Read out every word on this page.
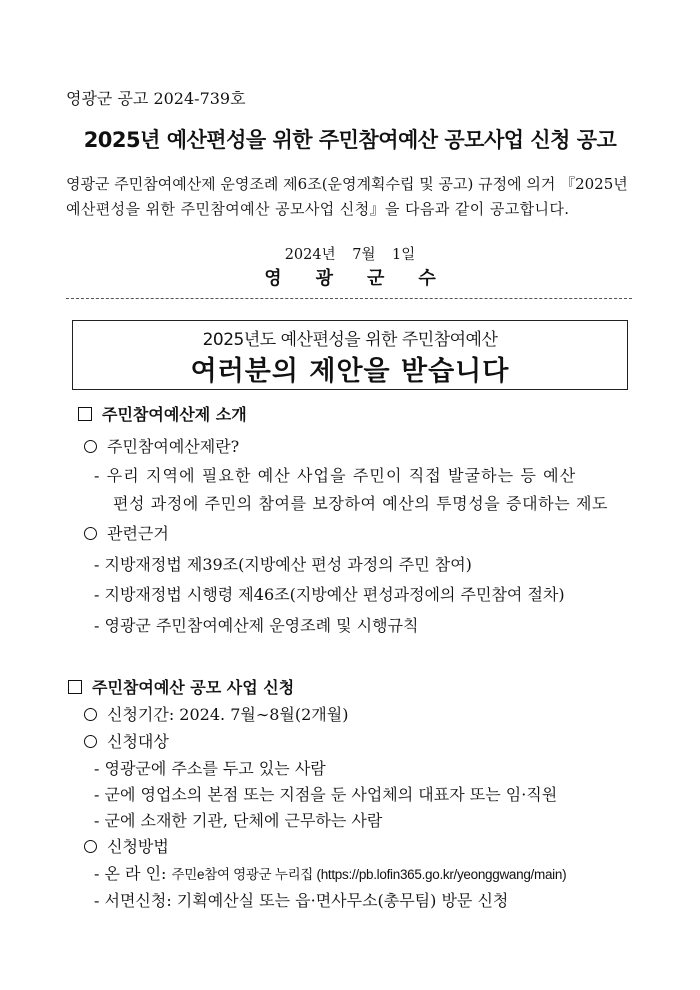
영광군 공고 2024-739호
2025년 예산편성을 위한 주민참여예산 공모사업 신청 공고
영광군 주민참여예산제 운영조례 제6조(운영계획수립 및 공고) 규정에 의거 『2025년
예산편성을 위한 주민참여예산 공모사업 신청』을 다음과 같이 공고합니다.
2024년 7월 1일
영광군수
2025년도 예산편성을 위한 주민참여예산
여러분의 제안을 받습니다
주민참여예산제 소개
주민참여예산제란?
- 우리 지역에 필요한 예산 사업을 주민이 직접 발굴하는 등 예산
편성 과정에 주민의 참여를 보장하여 예산의 투명성을 증대하는 제도
관련근거
- 지방재정법 제39조(지방예산 편성 과정의 주민 참여)
- 지방재정법 시행령 제46조(지방예산 편성과정에의 주민참여 절차)
- 영광군 주민참여예산제 운영조례 및 시행규칙
주민참여예산 공모 사업 신청
신청기간: 2024. 7월∼8월(2개월)
신청대상
- 영광군에 주소를 두고 있는 사람
- 군에 영업소의 본점 또는 지점을 둔 사업체의 대표자 또는 임·직원
- 군에 소재한 기관, 단체에 근무하는 사람
신청방법
- 온 라 인: 주민e참여 영광군 누리집 (https://pb.lofin365.go.kr/yeonggwang/main)
- 서면신청: 기획예산실 또는 읍·면사무소(총무팀) 방문 신청
